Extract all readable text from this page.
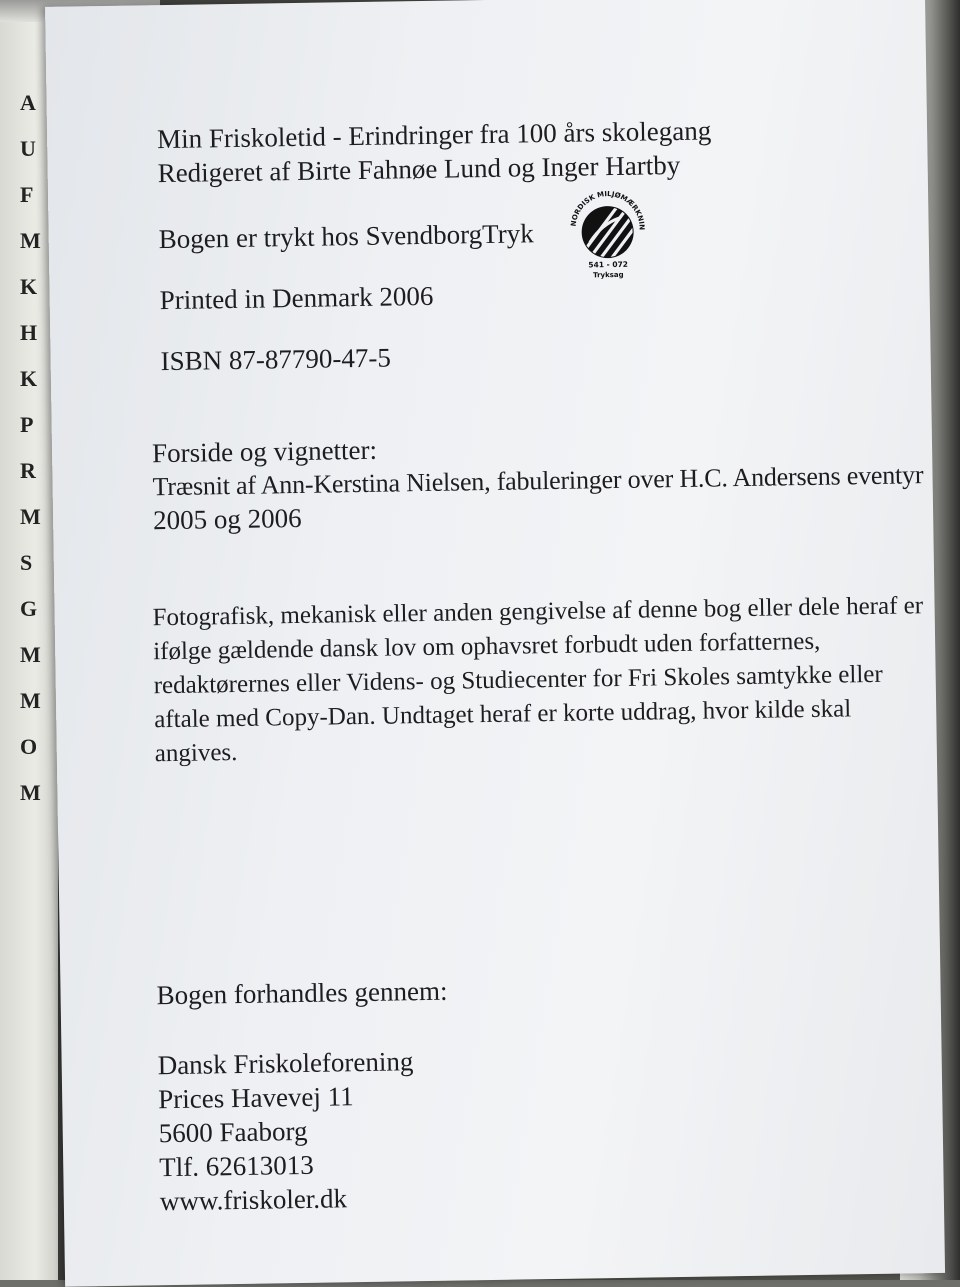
A
U
F
M
K
H
K
P
R
M
S
G
M
M
O
M
Min Friskoletid - Erindringer fra 100 års skolegang
Redigeret af Birte Fahnøe Lund og Inger Hartby
Bogen er trykt hos SvendborgTryk
Printed in Denmark 2006
ISBN 87-87790-47-5
NORDISK MILJØMÆRKNING
541 - 072
Tryksag
Forside og vignetter:
Træsnit af Ann-Kerstina Nielsen, fabuleringer over H.C. Andersens eventyr
2005 og 2006
Fotografisk, mekanisk eller anden gengivelse af denne bog eller dele heraf er ifølge gældende dansk lov om ophavsret forbudt uden forfatternes, redaktørernes eller Videns- og Studiecenter for Fri Skoles samtykke eller aftale med Copy-Dan. Undtaget heraf er korte uddrag, hvor kilde skal angives.
Bogen forhandles gennem:
Dansk Friskoleforening
Prices Havevej 11
5600 Faaborg
Tlf. 62613013
www.friskoler.dk
